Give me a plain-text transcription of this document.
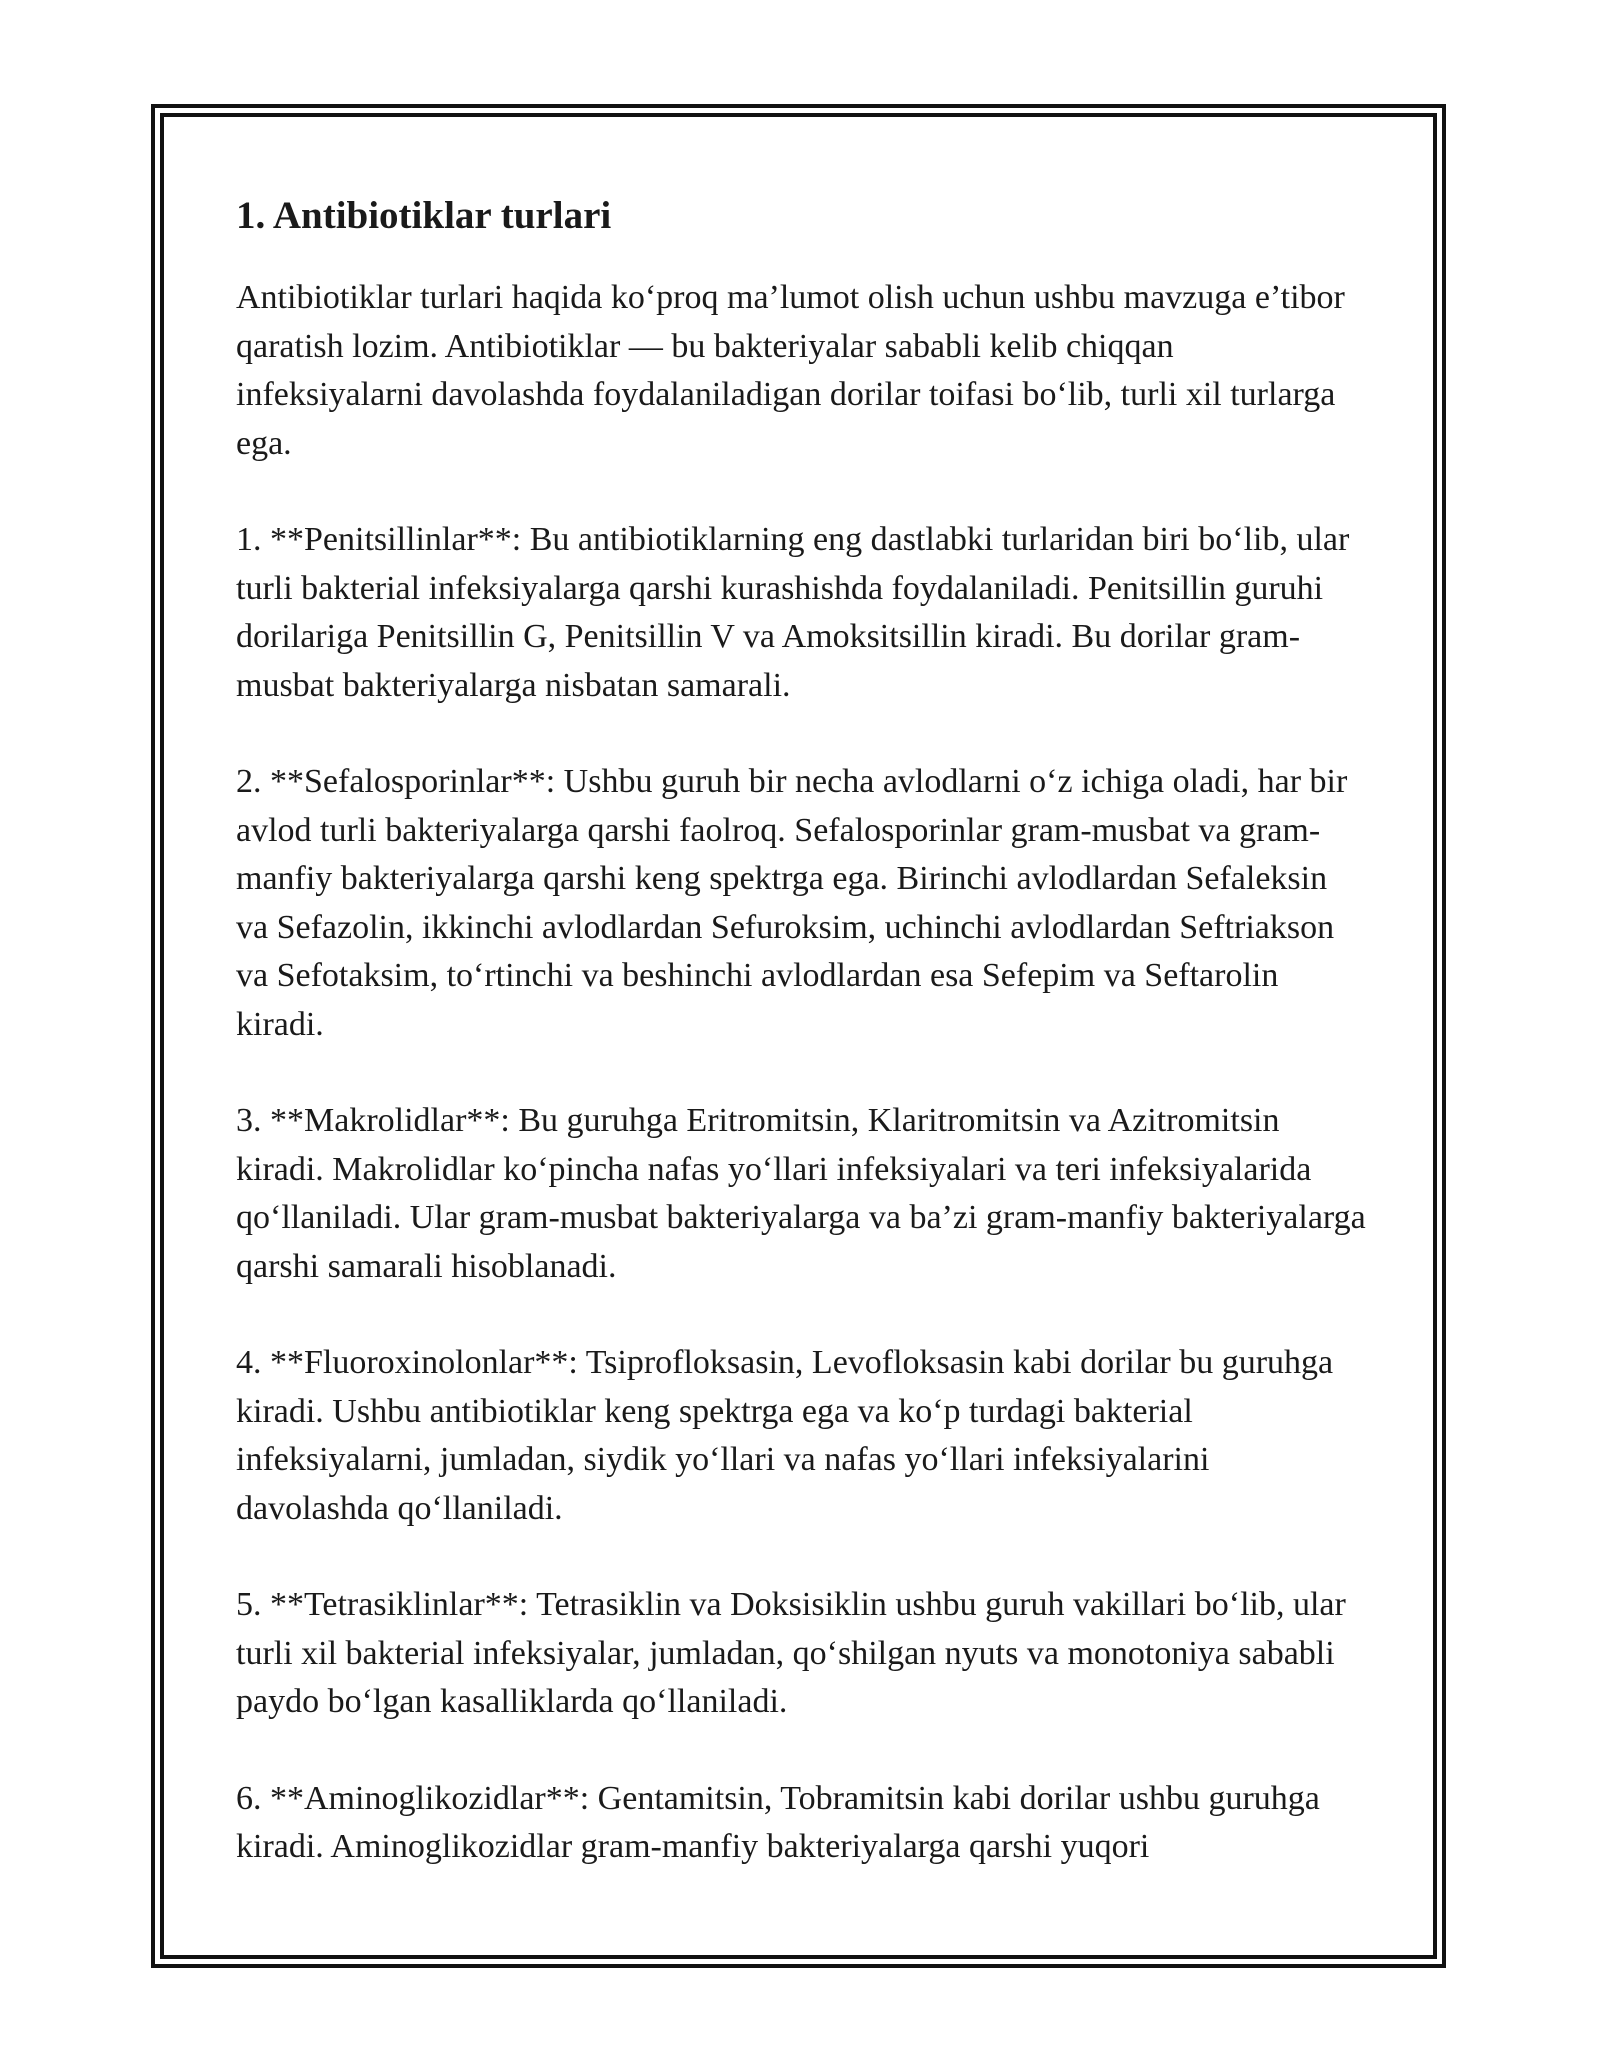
1. Antibiotiklar turlari

Antibiotiklar turlari haqida ko‘proq ma’lumot olish uchun ushbu mavzuga e’tibor qaratish lozim. Antibiotiklar — bu bakteriyalar sababli kelib chiqqan infeksiyalarni davolashda foydalaniladigan dorilar toifasi bo‘lib, turli xil turlarga ega.

1. **Penitsillinlar**: Bu antibiotiklarning eng dastlabki turlaridan biri bo‘lib, ular turli bakterial infeksiyalarga qarshi kurashishda foydalaniladi. Penitsillin guruhi dorilariga Penitsillin G, Penitsillin V va Amoksitsillin kiradi. Bu dorilar gram-musbat bakteriyalarga nisbatan samarali.

2. **Sefalosporinlar**: Ushbu guruh bir necha avlodlarni o‘z ichiga oladi, har bir avlod turli bakteriyalarga qarshi faolroq. Sefalosporinlar gram-musbat va gram-manfiy bakteriyalarga qarshi keng spektrga ega. Birinchi avlodlardan Sefaleksin va Sefazolin, ikkinchi avlodlardan Sefuroksim, uchinchi avlodlardan Seftriakson va Sefotaksim, to‘rtinchi va beshinchi avlodlardan esa Sefepim va Seftarolin kiradi.

3. **Makrolidlar**: Bu guruhga Eritromitsin, Klaritromitsin va Azitromitsin kiradi. Makrolidlar ko‘pincha nafas yo‘llari infeksiyalari va teri infeksiyalarida qo‘llaniladi. Ular gram-musbat bakteriyalarga va ba’zi gram-manfiy bakteriyalarga qarshi samarali hisoblanadi.

4. **Fluoroxinolonlar**: Tsiprofloksasin, Levofloksasin kabi dorilar bu guruhga kiradi. Ushbu antibiotiklar keng spektrga ega va ko‘p turdagi bakterial infeksiyalarni, jumladan, siydik yo‘llari va nafas yo‘llari infeksiyalarini davolashda qo‘llaniladi.

5. **Tetrasiklinlar**: Tetrasiklin va Doksisiklin ushbu guruh vakillari bo‘lib, ular turli xil bakterial infeksiyalar, jumladan, qo‘shilgan nyuts va monotoniya sababli paydo bo‘lgan kasalliklarda qo‘llaniladi.

6. **Aminoglikozidlar**: Gentamitsin, Tobramitsin kabi dorilar ushbu guruhga kiradi. Aminoglikozidlar gram-manfiy bakteriyalarga qarshi yuqori
